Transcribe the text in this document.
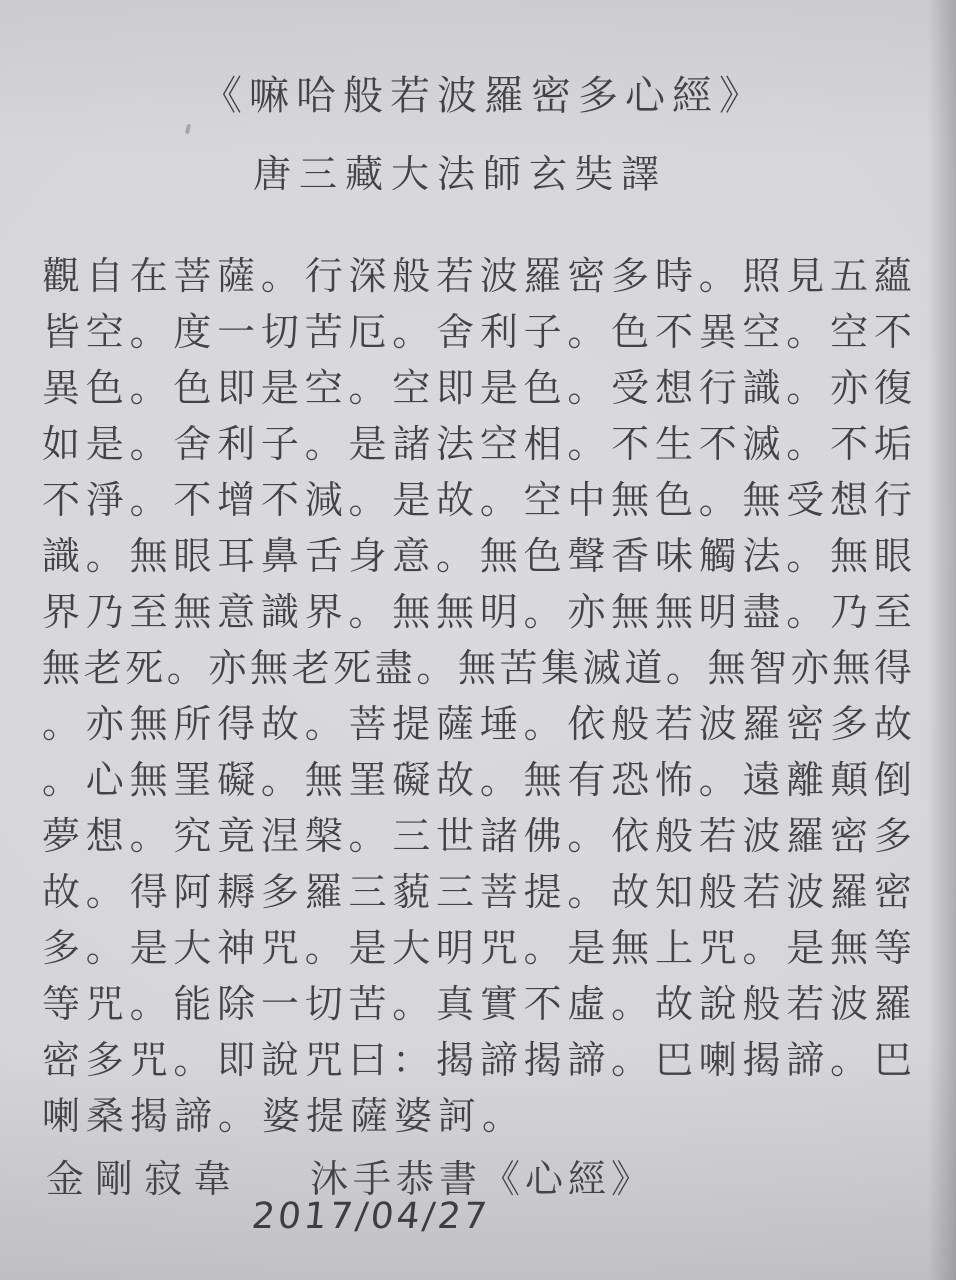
《嘛哈般若波羅密多心經》
唐三藏大法師玄奘譯
觀 自 在 菩 薩 。 行 深 般 若 波 羅 密 多 時 。 照 見 五 蘊
皆 空 。 度 一 切 苦 厄 。 舍 利 子 。 色 不 異 空 。 空 不
異 色 。 色 即 是 空 。 空 即 是 色 。 受 想 行 識 。 亦 復
如 是 。 舍 利 子 。 是 諸 法 空 相 。 不 生 不 滅 。 不 垢
不 淨 。 不 增 不 減 。 是 故 。 空 中 無 色 。 無 受 想 行
識 。 無 眼 耳 鼻 舌 身 意 。 無 色 聲 香 味 觸 法 。 無 眼
界 乃 至 無 意 識 界 。 無 無 明 。 亦 無 無 明 盡 。 乃 至
無 老 死 。 亦 無 老 死 盡 。 無 苦 集 滅 道 。 無 智 亦 無 得
。 亦 無 所 得 故 。 菩 提 薩 埵 。 依 般 若 波 羅 密 多 故
。 心 無 罣 礙 。 無 罣 礙 故 。 無 有 恐 怖 。 遠 離 顛 倒
夢 想 。 究 竟 涅 槃 。 三 世 諸 佛 。 依 般 若 波 羅 密 多
故 。 得 阿 耨 多 羅 三 藐 三 菩 提 。 故 知 般 若 波 羅 密
多 。 是 大 神 咒 。 是 大 明 咒 。 是 無 上 咒 。 是 無 等
等 咒 。 能 除 一 切 苦 。 真 實 不 虛 。 故 說 般 若 波 羅
密 多 咒 。 即 說 咒 曰 ： 揭 諦 揭 諦 。 巴 喇 揭 諦 。 巴
喇桑揭諦。婆提薩婆訶。
金剛寂韋 沐手恭書《心經》
2017/04/27
